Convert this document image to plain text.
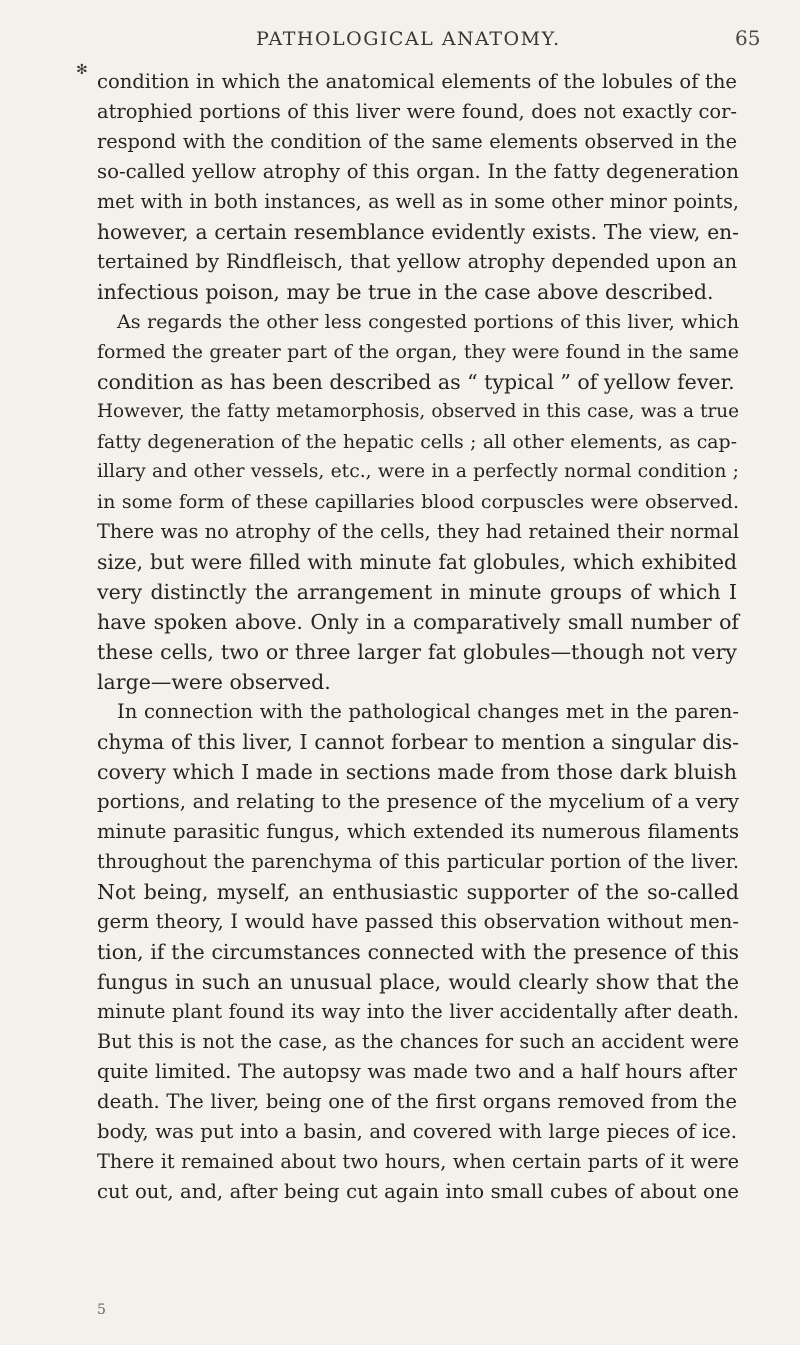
PATHOLOGICAL ANATOMY.	65
✻ condition in which the anatomical elements of the lobules of the
atrophied portions of this liver were found, does not exactly cor-
respond with the condition of the same elements observed in the
so-called yellow atrophy of this organ. In the fatty degeneration
met with in both instances, as well as in some other minor points,
however, a certain resemblance evidently exists. The view, en-
tertained by Rindfleisch, that yellow atrophy depended upon an
infectious poison, may be true in the case above described.
As regards the other less congested portions of this liver, which
formed the greater part of the organ, they were found in the same
condition as has been described as “ typical ” of yellow fever.
However, the fatty metamorphosis, observed in this case, was a true
fatty degeneration of the hepatic cells ; all other elements, as cap-
illary and other vessels, etc., were in a perfectly normal condition ;
in some form of these capillaries blood corpuscles were observed.
There was no atrophy of the cells, they had retained their normal
size, but were filled with minute fat globules, which exhibited
very distinctly the arrangement in minute groups of which I
have spoken above. Only in a comparatively small number of
these cells, two or three larger fat globules—though not very
large—were observed.
In connection with the pathological changes met in the paren-
chyma of this liver, I cannot forbear to mention a singular dis-
covery which I made in sections made from those dark bluish
portions, and relating to the presence of the mycelium of a very
minute parasitic fungus, which extended its numerous filaments
throughout the parenchyma of this particular portion of the liver.
Not being, myself, an enthusiastic supporter of the so-called
germ theory, I would have passed this observation without men-
tion, if the circumstances connected with the presence of this
fungus in such an unusual place, would clearly show that the
minute plant found its way into the liver accidentally after death.
But this is not the case, as the chances for such an accident were
quite limited. The autopsy was made two and a half hours after
death. The liver, being one of the first organs removed from the
body, was put into a basin, and covered with large pieces of ice.
There it remained about two hours, when certain parts of it were
cut out, and, after being cut again into small cubes of about one
5
